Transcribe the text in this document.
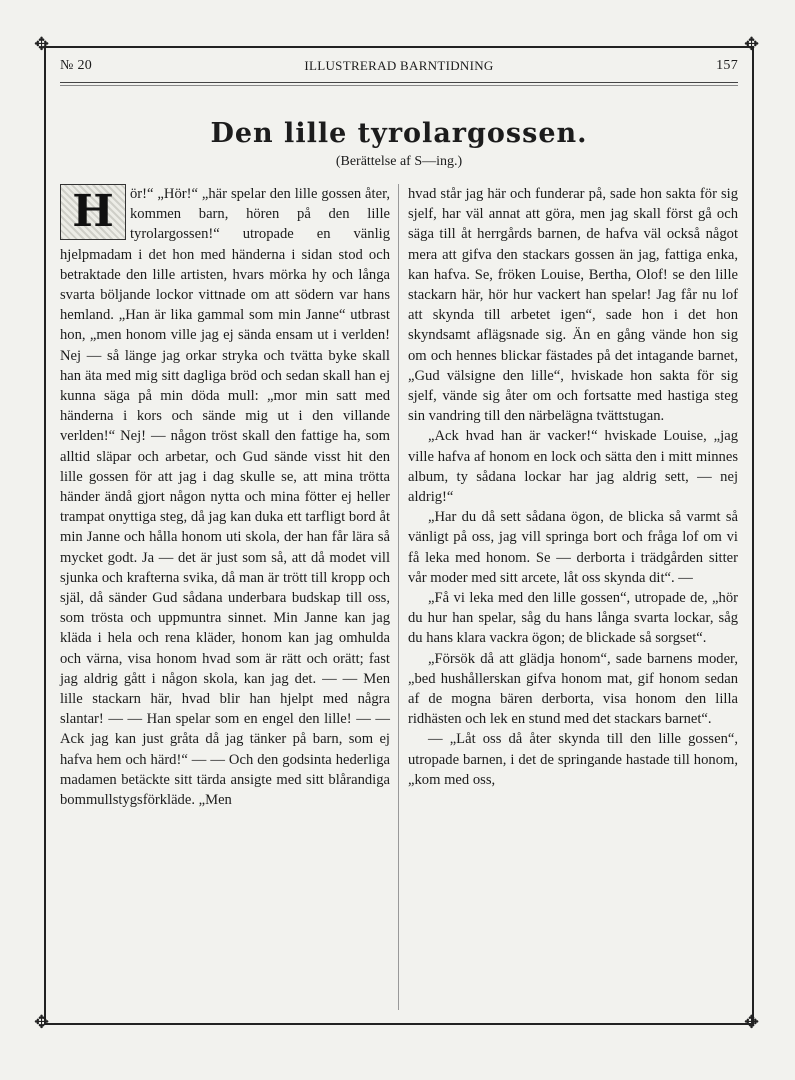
✥	✥
✥	✥
№ 20	ILLUSTRERAD BARNTIDNING	157
Den lille tyrolargossen.
(Berättelse af S—ing.)
H	ör!“ „Hör!“ „här spelar den lille gossen åter, kommen barn, hören på den lille tyrolargossen!“ utropade en vänlig hjelpmadam i det hon med händerna i sidan stod och betraktade den lille artisten, hvars mörka hy och långa svarta böljande lockor vittnade om att södern var hans hemland. „Han är lika gammal som min Janne“ utbrast hon, „men honom ville jag ej sända ensam ut i verlden! Nej — så länge jag orkar stryka och tvätta byke skall han äta med mig sitt dagliga bröd och sedan skall han ej kunna säga på min döda mull: „mor min satt med händerna i kors och sände mig ut i den villande verlden!“ Nej! — någon tröst skall den fattige ha, som alltid släpar och arbetar, och Gud sände visst hit den lille gossen för att jag i dag skulle se, att mina trötta händer ändå gjort någon nytta och mina fötter ej heller trampat onyttiga steg, då jag kan duka ett tarfligt bord åt min Janne och hålla honom uti skola, der han får lära så mycket godt. Ja — det är just som så, att då modet vill sjunka och krafterna svika, då man är trött till kropp och själ, då sänder Gud sådana underbara budskap till oss, som trösta och uppmuntra sinnet. Min Janne kan jag kläda i hela och rena kläder, honom kan jag omhulda och värna, visa honom hvad som är rätt och orätt; fast jag aldrig gått i någon skola, kan jag det. — — Men lille stackarn här, hvad blir han hjelpt med några slantar! — — Han spelar som en engel den lille! — — Ack jag kan just gråta då jag tänker på barn, som ej hafva hem och härd!“ — — Och den godsinta hederliga madamen betäckte sitt tärda ansigte med sitt blårandiga bommullstygsförkläde. „Men

hvad står jag här och funderar på, sade hon sakta för sig sjelf, har väl annat att göra, men jag skall först gå och säga till åt herrgårds barnen, de hafva väl också något mera att gifva den stackars gossen än jag, fattiga enka, kan hafva. Se, fröken Louise, Bertha, Olof! se den lille stackarn här, hör hur vackert han spelar! Jag får nu lof att skynda till arbetet igen“, sade hon i det hon skyndsamt aflägsnade sig. Än en gång vände hon sig om och hennes blickar fästades på det intagande barnet, „Gud välsigne den lille“, hviskade hon sakta för sig sjelf, vände sig åter om och fortsatte med hastiga steg sin vandring till den närbelägna tvättstugan.

„Ack hvad han är vacker!“ hviskade Louise, „jag ville hafva af honom en lock och sätta den i mitt minnes album, ty sådana lockar har jag aldrig sett, — nej aldrig!“

„Har du då sett sådana ögon, de blicka så varmt så vänligt på oss, jag vill springa bort och fråga lof om vi få leka med honom. Se — derborta i trädgården sitter vår moder med sitt arcete, låt oss skynda dit“. —

„Få vi leka med den lille gossen“, utropade de, „hör du hur han spelar, såg du hans långa svarta lockar, såg du hans klara vackra ögon; de blickade så sorgset“.

„Försök då att glädja honom“, sade barnens moder, „bed hushållerskan gifva honom mat, gif honom sedan af de mogna bären derborta, visa honom den lilla ridhästen och lek en stund med det stackars barnet“.

— „Låt oss då åter skynda till den lille gossen“, utropade barnen, i det de springande hastade till honom, „kom med oss,
